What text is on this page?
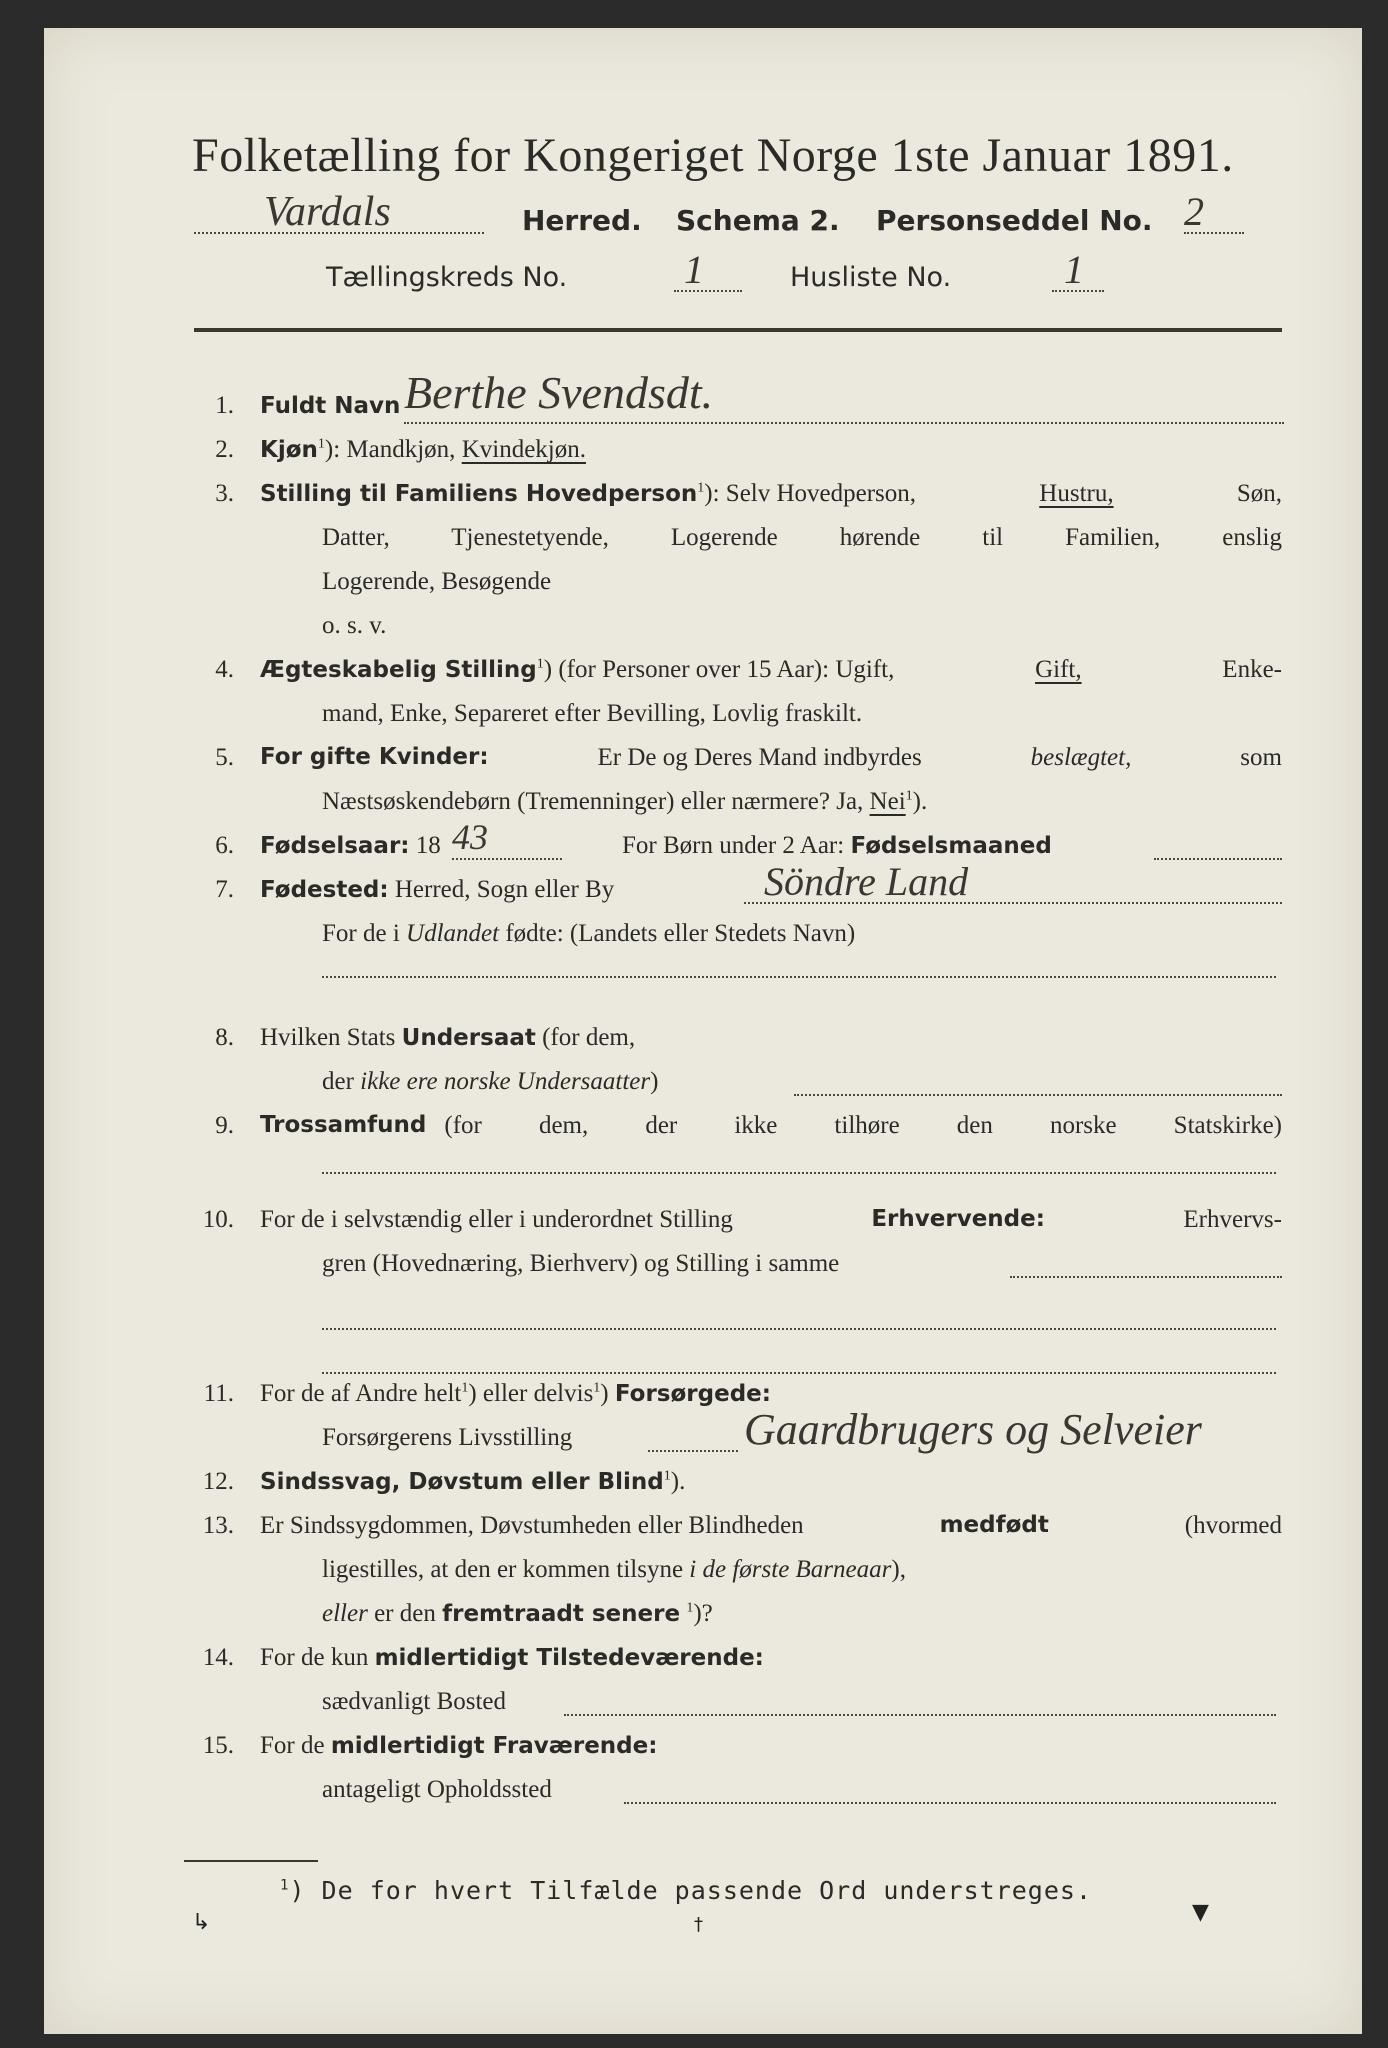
Folketælling for Kongeriget Norge 1ste Januar 1891.
Vardals	Herred. Schema 2. Personseddel No. 2
Tællingskreds No.	1	Husliste No.	1
1. Fuldt Navn Berthe Svendsdt.
2. Kjøn$^1$): Mandkjøn, Kvindekjøn.
3. Stilling til Familiens Hovedperson$^1$): Selv Hovedperson,	Hustru,	Søn,
Datter, Tjenestetyende, Logerende hørende til Familien, enslig
Logerende, Besøgende
o. s. v.
4. Ægteskabelig Stilling$^1$) (for Personer over 15 Aar): Ugift,	Gift,	Enke-
mand, Enke, Separeret efter Bevilling, Lovlig fraskilt.
5. For gifte Kvinder:	Er De og Deres Mand indbyrdes	beslægtet,	som
Næstsøskendebørn (Tremenninger) eller nærmere? Ja, Nei$^1$).
6. Fødselsaar: 18 43	For Børn under 2 Aar: Fødselsmaaned
7. Fødested: Herred, Sogn eller By	Söndre Land
For de i Udlandet fødte: (Landets eller Stedets Navn)
8. Hvilken Stats Undersaat (for dem,
der ikke ere norske Undersaatter)
9. Trossamfund (for dem, der ikke tilhøre den norske Statskirke)
10. For de i selvstændig eller i underordnet Stilling	Erhvervende:	Erhvervs-
gren (Hovednæring, Bierhverv) og Stilling i samme
11. For de af Andre helt$^1$) eller delvis$^1$) Forsørgede:
Forsørgerens Livsstilling	Gaardbrugers og Selveier
12. Sindssvag, Døvstum eller Blind$^1$).
13. Er Sindssygdommen, Døvstumheden eller Blindheden	medfødt	(hvormed
ligestilles, at den er kommen tilsyne i de første Barneaar),
eller er den fremtraadt senere $^1$)?
14. For de kun midlertidigt Tilstedeværende:
sædvanligt Bosted
15. For de midlertidigt Fraværende:
antageligt Opholdssted
$^1$) De for hvert Tilfælde passende Ord understreges.
↳	†	▼
